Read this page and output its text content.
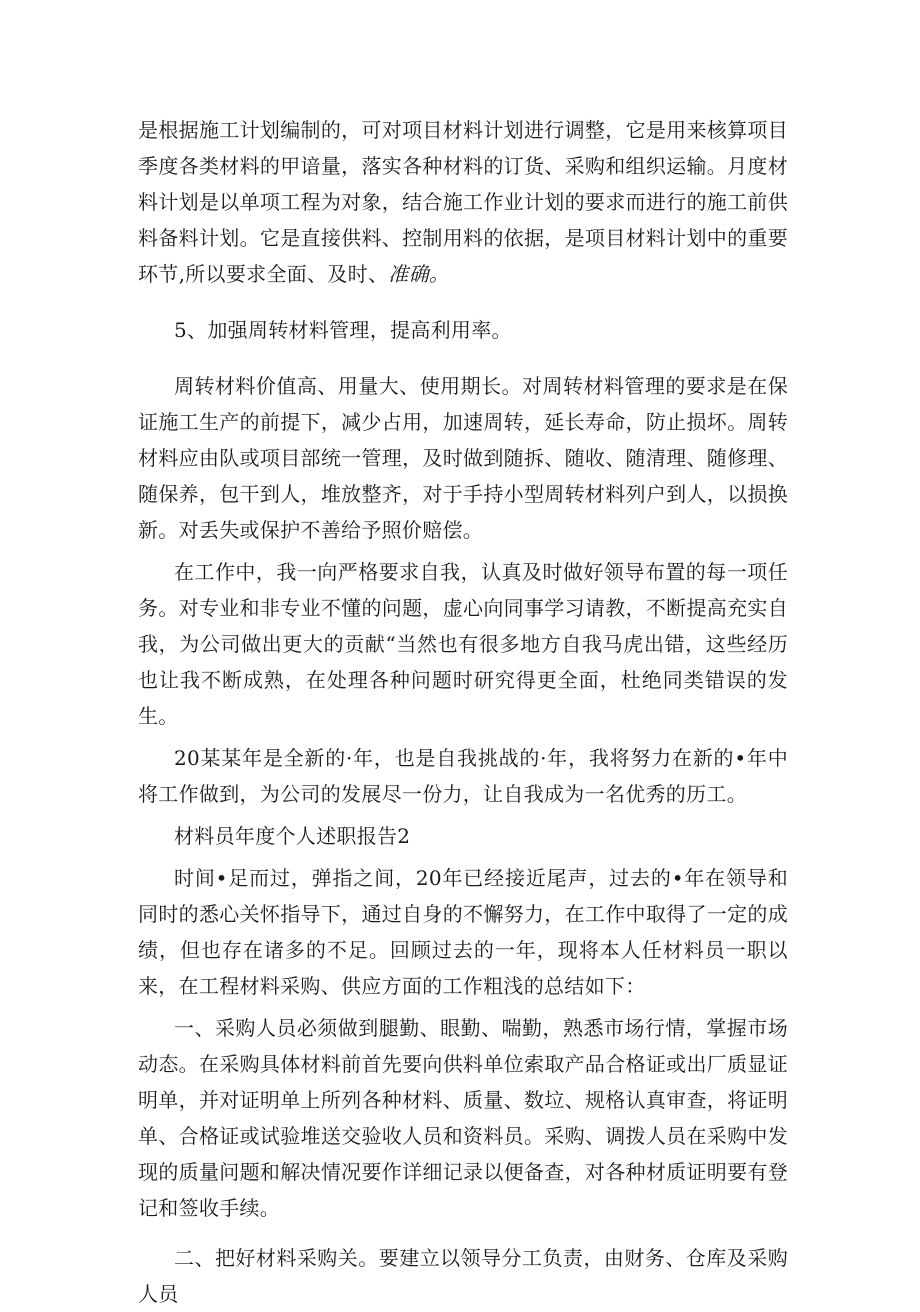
是根据施工计划编制的，可对项目材料计划进行调整，它是用来核算项目季度各类材料的甲谙量，落实各种材料的订货、采购和组织运输。月度材料计划是以单项工程为对象，结合施工作业计划的要求而进行的施工前供料备料计划。它是直接供料、控制用料的依据，是项目材料计划中的重要环节,所以要求全面、及时、准确。

5、加强周转材料管理，提高利用率。

周转材料价值高、用量大、使用期长。对周转材料管理的要求是在保证施工生产的前提下，减少占用，加速周转，延长寿命，防止损坏。周转材料应由队或项目部统一管理，及时做到随拆、随收、随清理、随修理、随保养，包干到人，堆放整齐，对于手持小型周转材料列户到人，以损换新。对丢失或保护不善给予照价赔偿。

在工作中，我一向严格要求自我，认真及时做好领导布置的每一项任务。对专业和非专业不懂的问题，虚心向同事学习请教，不断提高充实自我，为公司做出更大的贡献“当然也有很多地方自我马虎出错，这些经历也让我不断成熟，在处理各种问题时研究得更全面，杜绝同类错误的发生。

20某某年是全新的·年，也是自我挑战的·年，我将努力在新的•年中将工作做到，为公司的发展尽一份力，让自我成为一名优秀的历工。

材料员年度个人述职报告2

时间•足而过，弹指之间，20年已经接近尾声，过去的•年在领导和同时的悉心关怀指导下，通过自身的不懈努力，在工作中取得了一定的成绩，但也存在诸多的不足。回顾过去的一年，现将本人任材料员一职以来，在工程材料采购、供应方面的工作粗浅的总结如下：

一、采购人员必须做到腿勤、眼勤、喘勤，熟悉市场行情，掌握市场动态。在采购具体材料前首先要向供料单位索取产品合格证或出厂质显证明单，并对证明单上所列各种材料、质量、数垃、规格认真审查，将证明单、合格证或试验堆送交验收人员和资料员。采购、调拨人员在采购中发现的质量问题和解决情况要作详细记录以便备查，对各种材质证明要有登记和签收手续。

二、把好材料采购关。要建立以领导分工负责，由财务、仓库及采购人员
